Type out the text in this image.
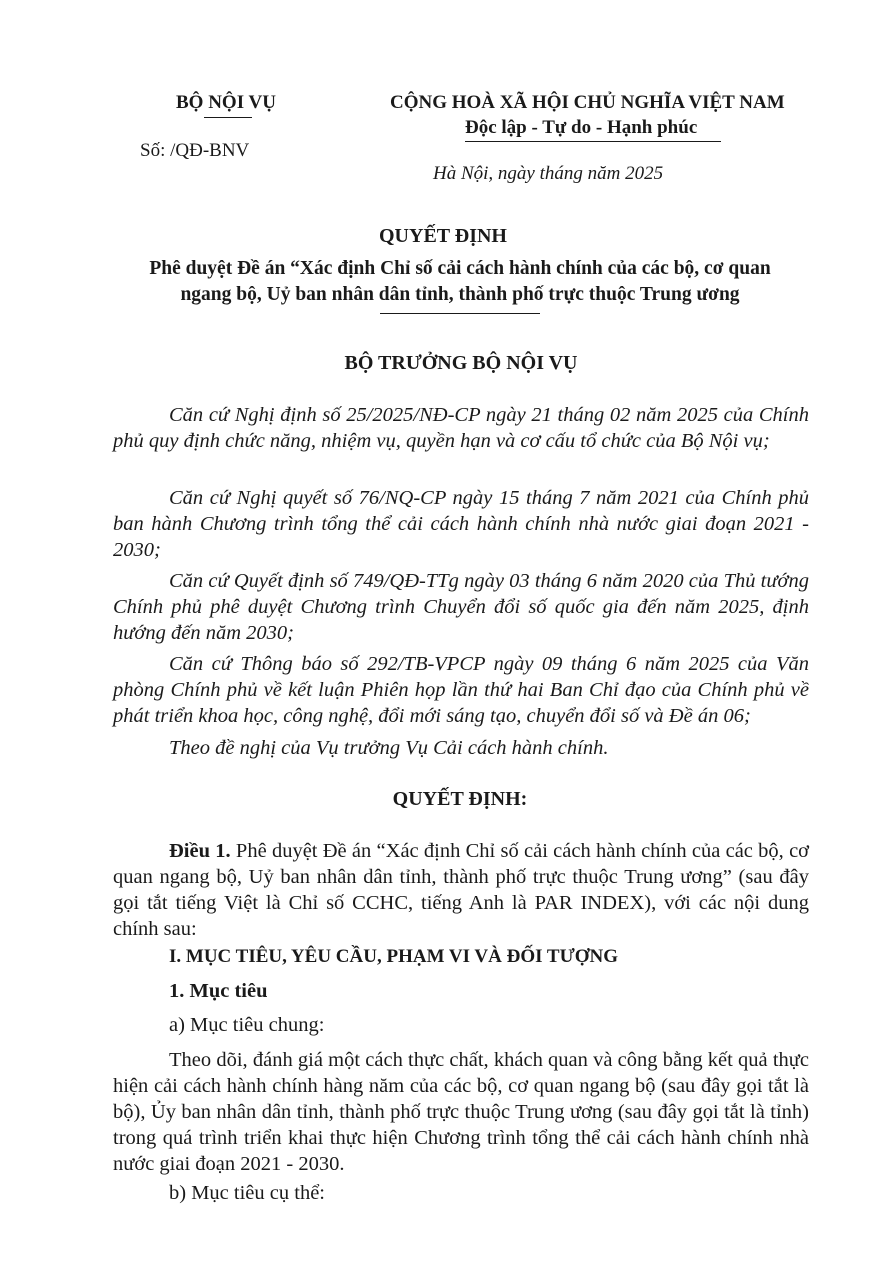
BỘ NỘI VỤ
Số: /QĐ-BNV
CỘNG HOÀ XÃ HỘI CHỦ NGHĨA VIỆT NAM
Độc lập - Tự do - Hạnh phúc
Hà Nội, ngày tháng năm 2025
QUYẾT ĐỊNH
Phê duyệt Đề án “Xác định Chỉ số cải cách hành chính của các bộ, cơ quan
ngang bộ, Uỷ ban nhân dân tỉnh, thành phố trực thuộc Trung ương
BỘ TRƯỞNG BỘ NỘI VỤ
Căn cứ Nghị định số 25/2025/NĐ-CP ngày 21 tháng 02 năm 2025 của Chính phủ quy định chức năng, nhiệm vụ, quyền hạn và cơ cấu tổ chức của Bộ Nội vụ;
Căn cứ Nghị quyết số 76/NQ-CP ngày 15 tháng 7 năm 2021 của Chính phủ ban hành Chương trình tổng thể cải cách hành chính nhà nước giai đoạn 2021 - 2030;
Căn cứ Quyết định số 749/QĐ-TTg ngày 03 tháng 6 năm 2020 của Thủ tướng Chính phủ phê duyệt Chương trình Chuyển đổi số quốc gia đến năm 2025, định hướng đến năm 2030;
Căn cứ Thông báo số 292/TB-VPCP ngày 09 tháng 6 năm 2025 của Văn phòng Chính phủ về kết luận Phiên họp lần thứ hai Ban Chỉ đạo của Chính phủ về phát triển khoa học, công nghệ, đổi mới sáng tạo, chuyển đổi số và Đề án 06;
Theo đề nghị của Vụ trưởng Vụ Cải cách hành chính.
QUYẾT ĐỊNH:
Điều 1. Phê duyệt Đề án “Xác định Chỉ số cải cách hành chính của các bộ, cơ quan ngang bộ, Uỷ ban nhân dân tỉnh, thành phố trực thuộc Trung ương” (sau đây gọi tắt tiếng Việt là Chỉ số CCHC, tiếng Anh là PAR INDEX), với các nội dung chính sau:
I. MỤC TIÊU, YÊU CẦU, PHẠM VI VÀ ĐỐI TƯỢNG
1. Mục tiêu
a) Mục tiêu chung:
Theo dõi, đánh giá một cách thực chất, khách quan và công bằng kết quả thực hiện cải cách hành chính hàng năm của các bộ, cơ quan ngang bộ (sau đây gọi tắt là bộ), Ủy ban nhân dân tỉnh, thành phố trực thuộc Trung ương (sau đây gọi tắt là tỉnh) trong quá trình triển khai thực hiện Chương trình tổng thể cải cách hành chính nhà nước giai đoạn 2021 - 2030.
b) Mục tiêu cụ thể:
